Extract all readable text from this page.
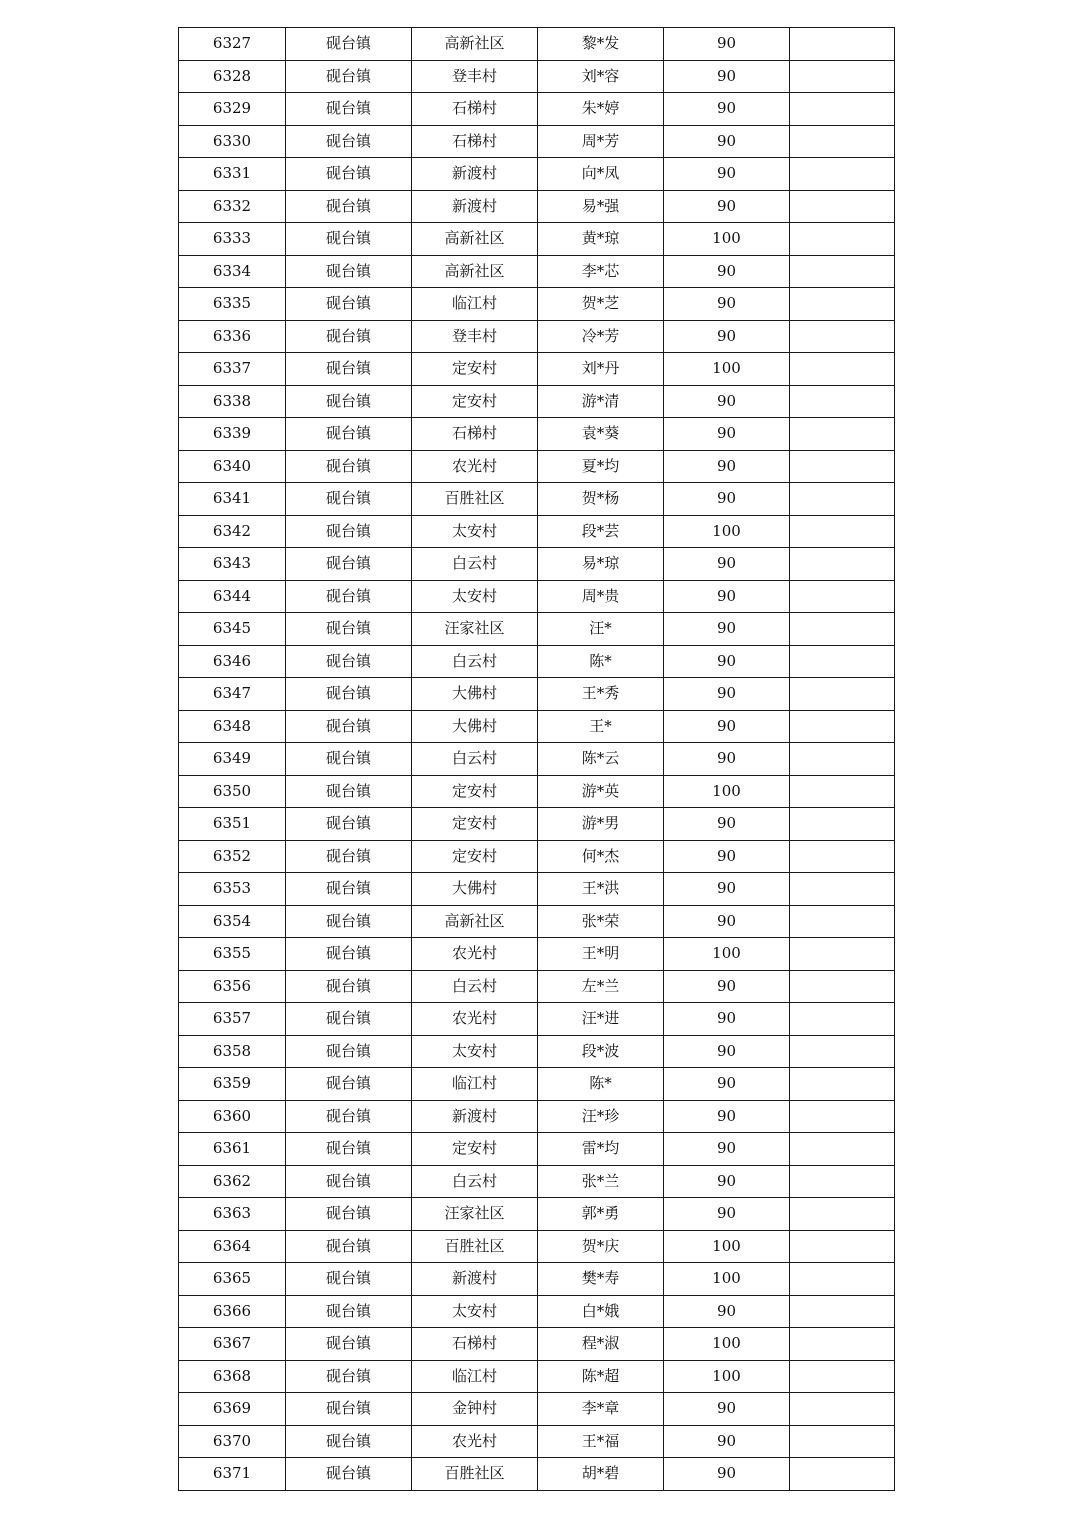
6327	砚台镇	高新社区	黎*发	90	
6328	砚台镇	登丰村	刘*容	90	
6329	砚台镇	石梯村	朱*婷	90	
6330	砚台镇	石梯村	周*芳	90	
6331	砚台镇	新渡村	向*凤	90	
6332	砚台镇	新渡村	易*强	90	
6333	砚台镇	高新社区	黄*琼	100	
6334	砚台镇	高新社区	李*芯	90	
6335	砚台镇	临江村	贺*芝	90	
6336	砚台镇	登丰村	冷*芳	90	
6337	砚台镇	定安村	刘*丹	100	
6338	砚台镇	定安村	游*清	90	
6339	砚台镇	石梯村	袁*葵	90	
6340	砚台镇	农光村	夏*均	90	
6341	砚台镇	百胜社区	贺*杨	90	
6342	砚台镇	太安村	段*芸	100	
6343	砚台镇	白云村	易*琼	90	
6344	砚台镇	太安村	周*贵	90	
6345	砚台镇	汪家社区	汪*	90	
6346	砚台镇	白云村	陈*	90	
6347	砚台镇	大佛村	王*秀	90	
6348	砚台镇	大佛村	王*	90	
6349	砚台镇	白云村	陈*云	90	
6350	砚台镇	定安村	游*英	100	
6351	砚台镇	定安村	游*男	90	
6352	砚台镇	定安村	何*杰	90	
6353	砚台镇	大佛村	王*洪	90	
6354	砚台镇	高新社区	张*荣	90	
6355	砚台镇	农光村	王*明	100	
6356	砚台镇	白云村	左*兰	90	
6357	砚台镇	农光村	汪*进	90	
6358	砚台镇	太安村	段*波	90	
6359	砚台镇	临江村	陈*	90	
6360	砚台镇	新渡村	汪*珍	90	
6361	砚台镇	定安村	雷*均	90	
6362	砚台镇	白云村	张*兰	90	
6363	砚台镇	汪家社区	郭*勇	90	
6364	砚台镇	百胜社区	贺*庆	100	
6365	砚台镇	新渡村	樊*寿	100	
6366	砚台镇	太安村	白*娥	90	
6367	砚台镇	石梯村	程*淑	100	
6368	砚台镇	临江村	陈*超	100	
6369	砚台镇	金钟村	李*章	90	
6370	砚台镇	农光村	王*福	90	
6371	砚台镇	百胜社区	胡*碧	90	
